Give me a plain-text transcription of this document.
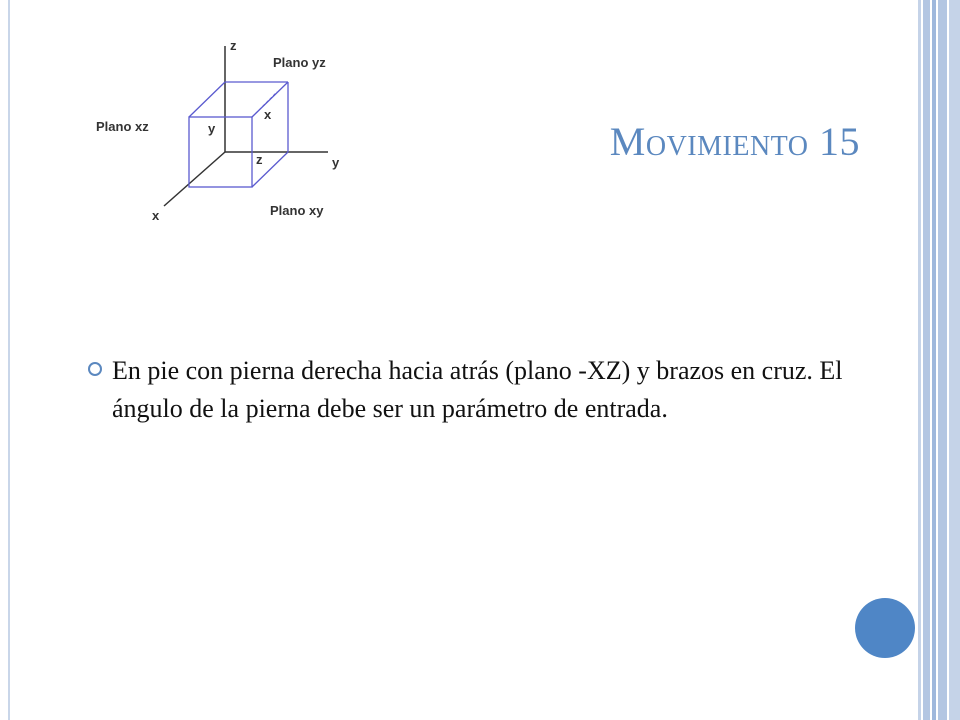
z
y
x
Plano yz
Plano xz
Plano xy
y
x
z	Movimiento 15
En pie con pierna derecha hacia atrás (plano -XZ) y brazos en cruz. El ángulo de la pierna debe ser un parámetro de entrada.
